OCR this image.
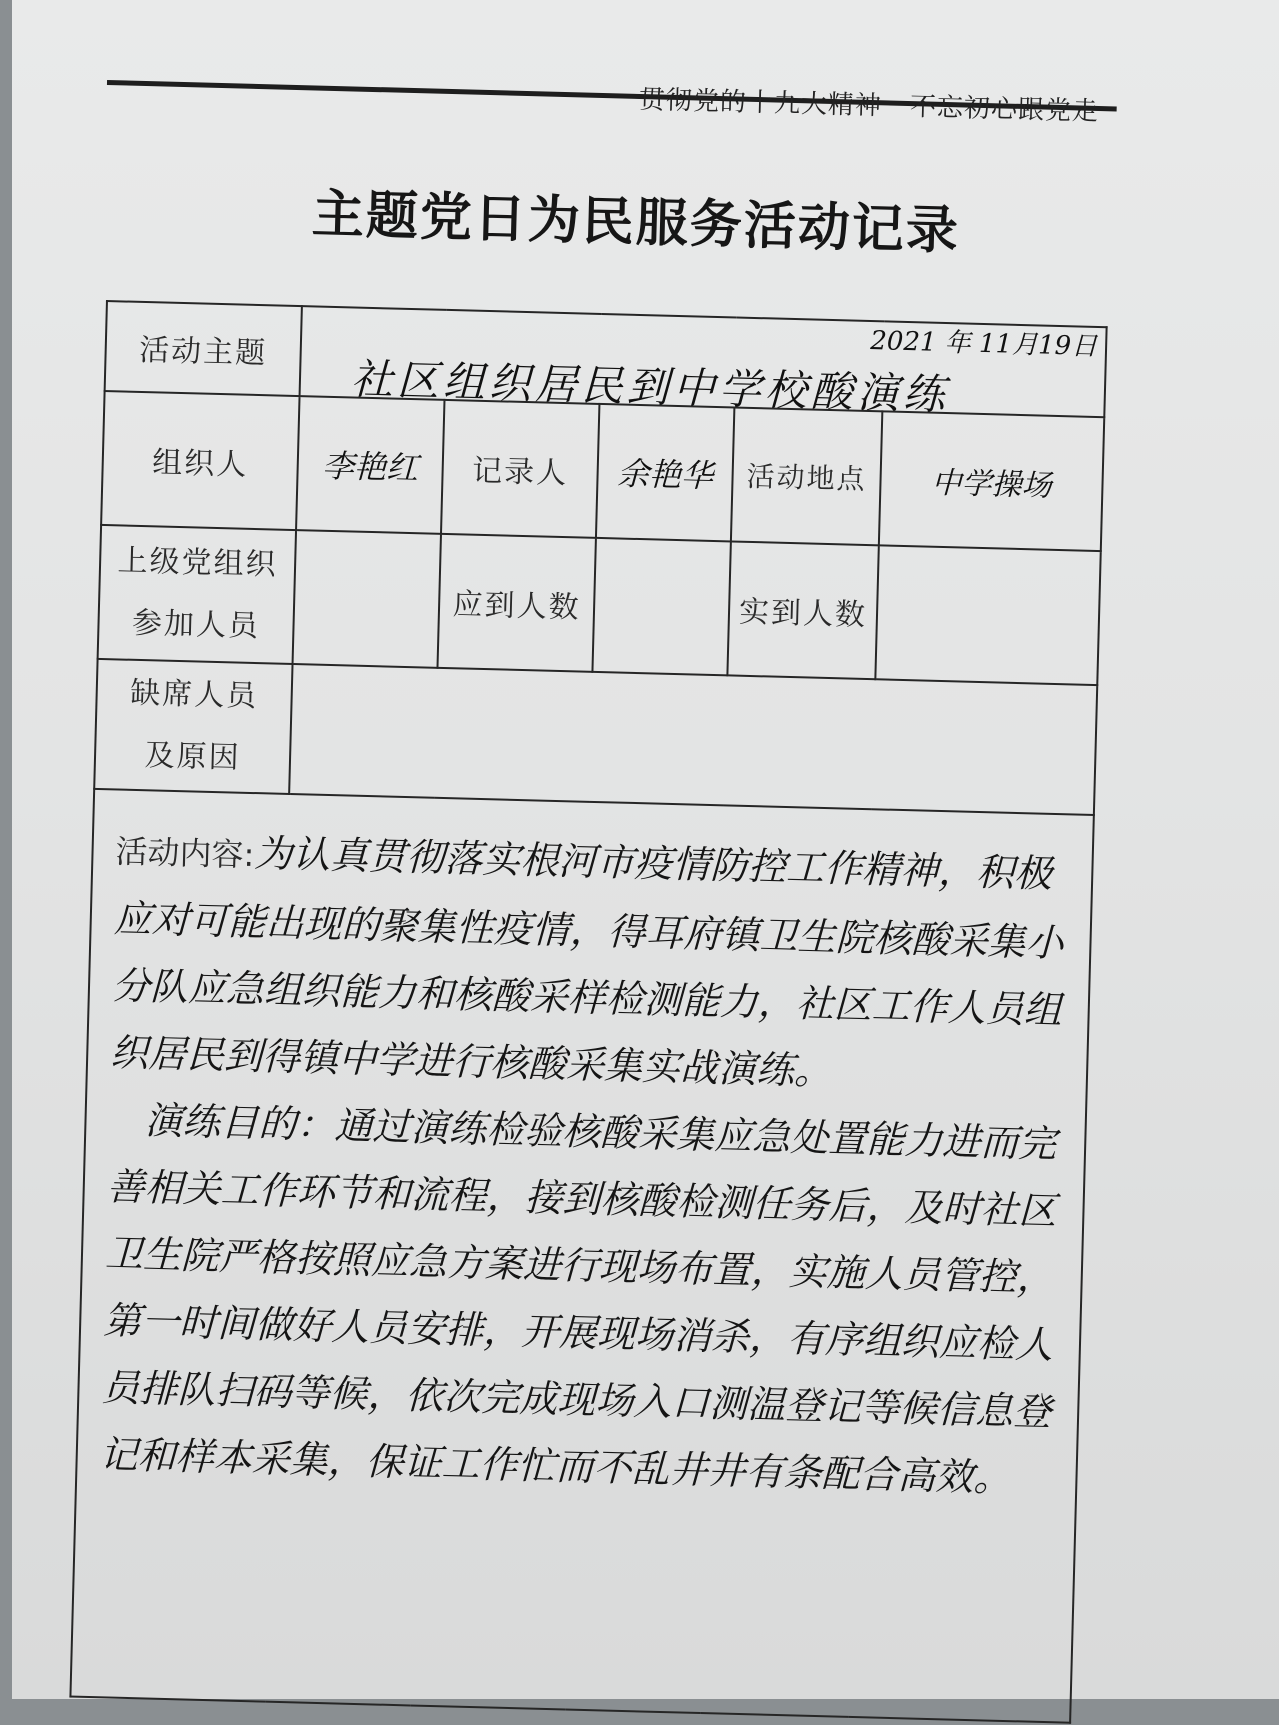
贯彻党的十九大精神 不忘初心跟党走
主题党日为民服务活动记录
活动主题	2021 年 11月19日
社区组织居民到中学校酸演练				

组织人	李艳红	记录人	余艳华	活动地点	中学操场

上级党组织
参加人员		应到人数		实到人数	

缺席人员
及原因					

活动内容:为认真贯彻落实根河市疫情防控工作精神，积极应对可能出现的聚集性疫情，得耳府镇卫生院核酸采集小分队应急组织能力和核酸采样检测能力，社区工作人员组织居民到得镇中学进行核酸采集实战演练。
演练目的：通过演练检验核酸采集应急处置能力进而完善相关工作环节和流程，接到核酸检测任务后，及时社区卫生院严格按照应急方案进行现场布置，实施人员管控，第一时间做好人员安排，开展现场消杀，有序组织应检人员排队扫码等候，依次完成现场入口测温登记等候信息登记和样本采集，保证工作忙而不乱井井有条配合高效。					
